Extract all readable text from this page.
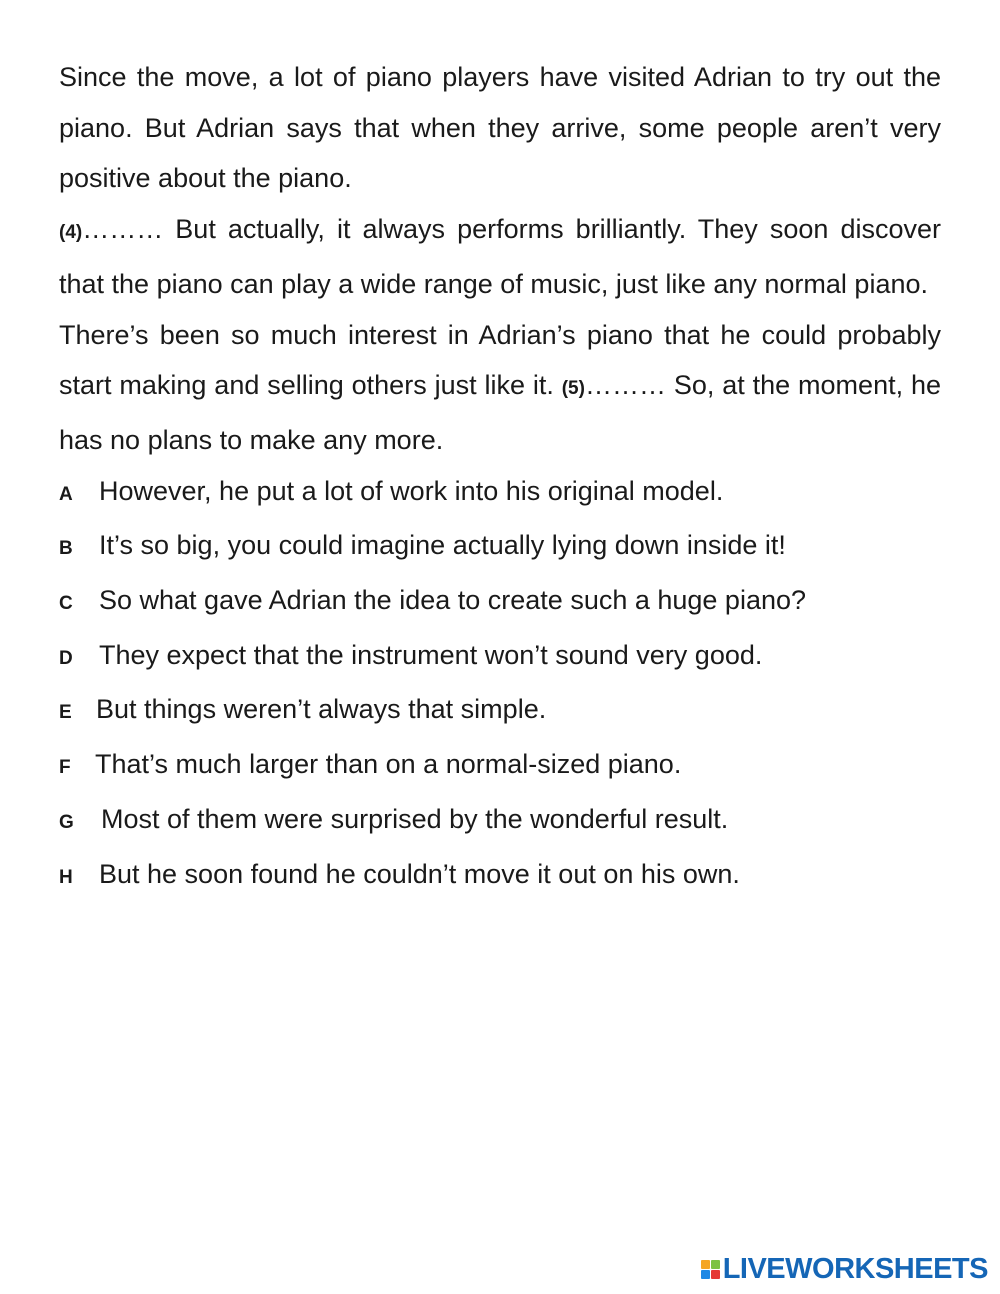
Since the move, a lot of piano players have visited Adrian to try out the piano. But Adrian says that when they arrive, some people aren’t very positive about the piano.

(4)……… But actually, it always performs brilliantly. They soon discover that the piano can play a wide range of music, just like any normal piano.

There’s been so much interest in Adrian’s piano that he could probably start making and selling others just like it. (5)……… So, at the moment, he has no plans to make any more.

A However, he put a lot of work into his original model.
B It’s so big, you could imagine actually lying down inside it!
C So what gave Adrian the idea to create such a huge piano?
D They expect that the instrument won’t sound very good.
E But things weren’t always that simple.
F That’s much larger than on a normal-sized piano.
G Most of them were surprised by the wonderful result.
H But he soon found he couldn’t move it out on his own.
LIVEWORKSHEETS
